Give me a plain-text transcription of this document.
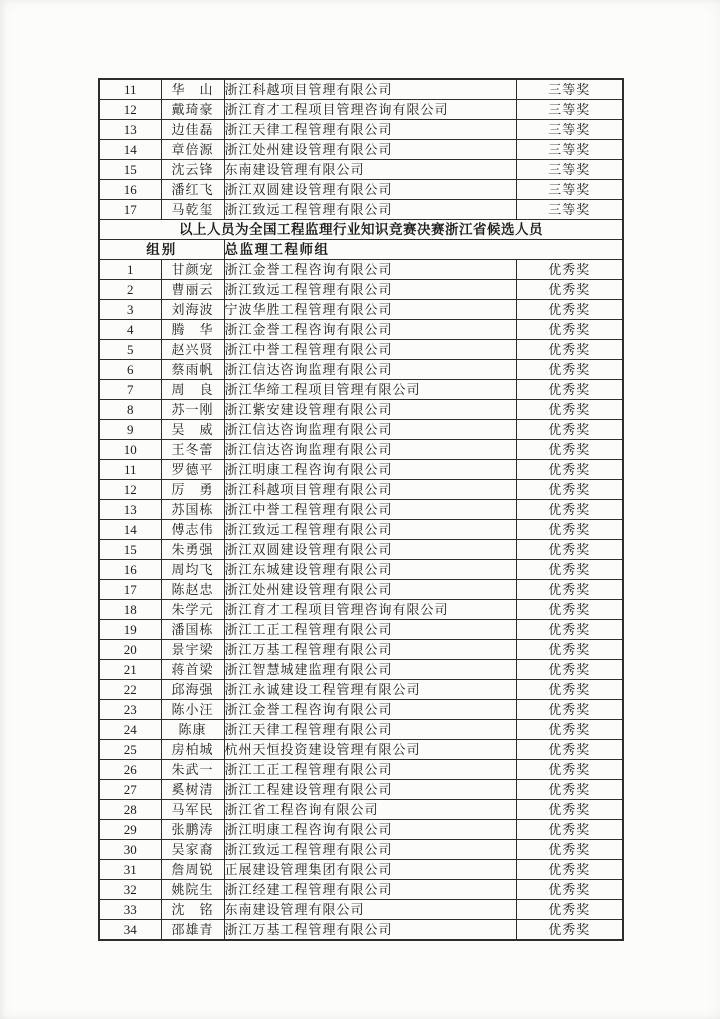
11	华　山	浙江科越项目管理有限公司	三等奖
12	戴琦豪	浙江育才工程项目管理咨询有限公司	三等奖
13	边佳磊	浙江天律工程管理有限公司	三等奖
14	章倍源	浙江处州建设管理有限公司	三等奖
15	沈云锋	东南建设管理有限公司	三等奖
16	潘红飞	浙江双圆建设管理有限公司	三等奖
17	马乾玺	浙江致远工程管理有限公司	三等奖
以上人员为全国工程监理行业知识竞赛决赛浙江省候选人员			
组别		总监理工程师组	
1	甘颜宠	浙江金誉工程咨询有限公司	优秀奖
2	曹丽云	浙江致远工程管理有限公司	优秀奖
3	刘海波	宁波华胜工程管理有限公司	优秀奖
4	腾　华	浙江金誉工程咨询有限公司	优秀奖
5	赵兴贤	浙江中誉工程管理有限公司	优秀奖
6	蔡雨帆	浙江信达咨询监理有限公司	优秀奖
7	周　良	浙江华缔工程项目管理有限公司	优秀奖
8	苏一刚	浙江紫安建设管理有限公司	优秀奖
9	吴　威	浙江信达咨询监理有限公司	优秀奖
10	王冬蕾	浙江信达咨询监理有限公司	优秀奖
11	罗德平	浙江明康工程咨询有限公司	优秀奖
12	厉　勇	浙江科越项目管理有限公司	优秀奖
13	苏国栋	浙江中誉工程管理有限公司	优秀奖
14	傅志伟	浙江致远工程管理有限公司	优秀奖
15	朱勇强	浙江双圆建设管理有限公司	优秀奖
16	周均飞	浙江东城建设管理有限公司	优秀奖
17	陈赵忠	浙江处州建设管理有限公司	优秀奖
18	朱学元	浙江育才工程项目管理咨询有限公司	优秀奖
19	潘国栋	浙江工正工程管理有限公司	优秀奖
20	景宇梁	浙江万基工程管理有限公司	优秀奖
21	蒋首梁	浙江智慧城建监理有限公司	优秀奖
22	邱海强	浙江永诚建设工程管理有限公司	优秀奖
23	陈小汪	浙江金誉工程咨询有限公司	优秀奖
24	陈康	浙江天律工程管理有限公司	优秀奖
25	房柏城	杭州天恒投资建设管理有限公司	优秀奖
26	朱武一	浙江工正工程管理有限公司	优秀奖
27	奚树清	浙江工程建设管理有限公司	优秀奖
28	马军民	浙江省工程咨询有限公司	优秀奖
29	张鹏涛	浙江明康工程咨询有限公司	优秀奖
30	吴家裔	浙江致远工程管理有限公司	优秀奖
31	詹周锐	正展建设管理集团有限公司	优秀奖
32	姚院生	浙江经建工程管理有限公司	优秀奖
33	沈　铭	东南建设管理有限公司	优秀奖
34	邵雄青	浙江万基工程管理有限公司	优秀奖
